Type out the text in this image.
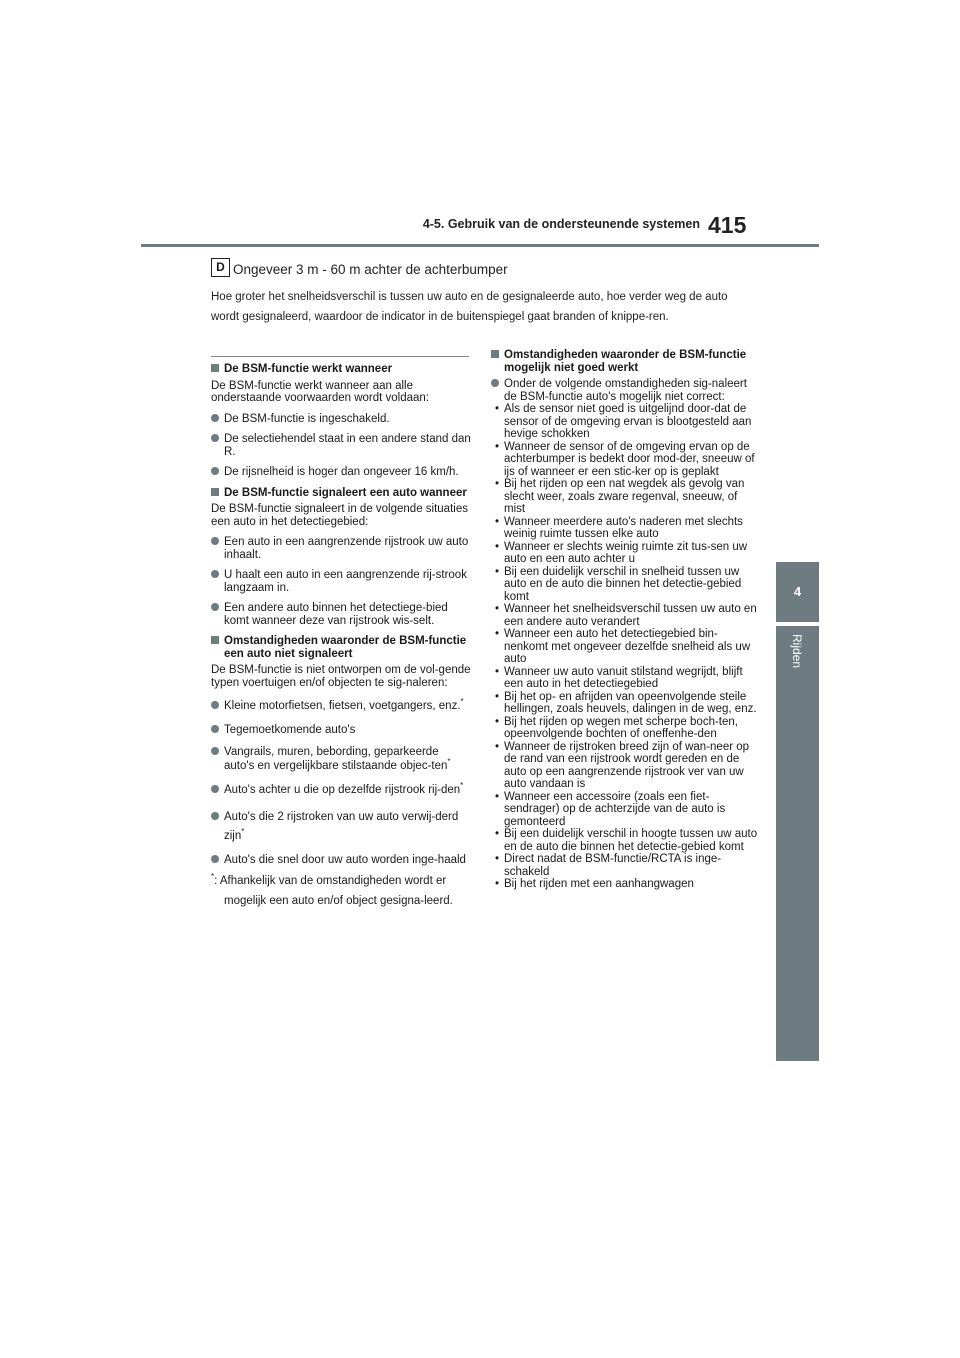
4-5. Gebruik van de ondersteunende systemen 415
4
Rijden
D Ongeveer 3 m - 60 m achter de achterbumper
Hoe groter het snelheidsverschil is tussen uw auto en de gesignaleerde auto, hoe verder weg de auto wordt gesignaleerd, waardoor de indicator in de buitenspiegel gaat branden of knippe-ren.
De BSM-functie werkt wanneer
De BSM-functie werkt wanneer aan alle onderstaande voorwaarden wordt voldaan:
De BSM-functie is ingeschakeld.
De selectiehendel staat in een andere stand dan R.
De rijsnelheid is hoger dan ongeveer 16 km/h.
De BSM-functie signaleert een auto wanneer
De BSM-functie signaleert in de volgende situaties een auto in het detectiegebied:
Een auto in een aangrenzende rijstrook uw auto inhaalt.
U haalt een auto in een aangrenzende rij-strook langzaam in.
Een andere auto binnen het detectiege-bied komt wanneer deze van rijstrook wis-selt.
Omstandigheden waaronder de BSM-functie een auto niet signaleert
De BSM-functie is niet ontworpen om de vol-gende typen voertuigen en/of objecten te sig-naleren:
Kleine motorfietsen, fietsen, voetgangers, enz.*
Tegemoetkomende auto's
Vangrails, muren, bebording, geparkeerde auto's en vergelijkbare stilstaande objec-ten*
Auto's achter u die op dezelfde rijstrook rij-den*
Auto's die 2 rijstroken van uw auto verwij-derd zijn*
Auto's die snel door uw auto worden inge-haald
*: Afhankelijk van de omstandigheden wordt er mogelijk een auto en/of object gesigna-leerd.
Omstandigheden waaronder de BSM-functie mogelijk niet goed werkt
Onder de volgende omstandigheden sig-naleert de BSM-functie auto's mogelijk niet correct:
• Als de sensor niet goed is uitgelijnd door-dat de sensor of de omgeving ervan is blootgesteld aan hevige schokken
• Wanneer de sensor of de omgeving ervan op de achterbumper is bedekt door mod-der, sneeuw of ijs of wanneer er een stic-ker op is geplakt
• Bij het rijden op een nat wegdek als gevolg van slecht weer, zoals zware regenval, sneeuw, of mist
• Wanneer meerdere auto's naderen met slechts weinig ruimte tussen elke auto
• Wanneer er slechts weinig ruimte zit tus-sen uw auto en een auto achter u
• Bij een duidelijk verschil in snelheid tussen uw auto en de auto die binnen het detectie-gebied komt
• Wanneer het snelheidsverschil tussen uw auto en een andere auto verandert
• Wanneer een auto het detectiegebied bin-nenkomt met ongeveer dezelfde snelheid als uw auto
• Wanneer uw auto vanuit stilstand wegrijdt, blijft een auto in het detectiegebied
• Bij het op- en afrijden van opeenvolgende steile hellingen, zoals heuvels, dalingen in de weg, enz.
• Bij het rijden op wegen met scherpe boch-ten, opeenvolgende bochten of oneffenhe-den
• Wanneer de rijstroken breed zijn of wan-neer op de rand van een rijstrook wordt gereden en de auto op een aangrenzende rijstrook ver van uw auto vandaan is
• Wanneer een accessoire (zoals een fiet-sendrager) op de achterzijde van de auto is gemonteerd
• Bij een duidelijk verschil in hoogte tussen uw auto en de auto die binnen het detectie-gebied komt
• Direct nadat de BSM-functie/RCTA is inge-schakeld
• Bij het rijden met een aanhangwagen
